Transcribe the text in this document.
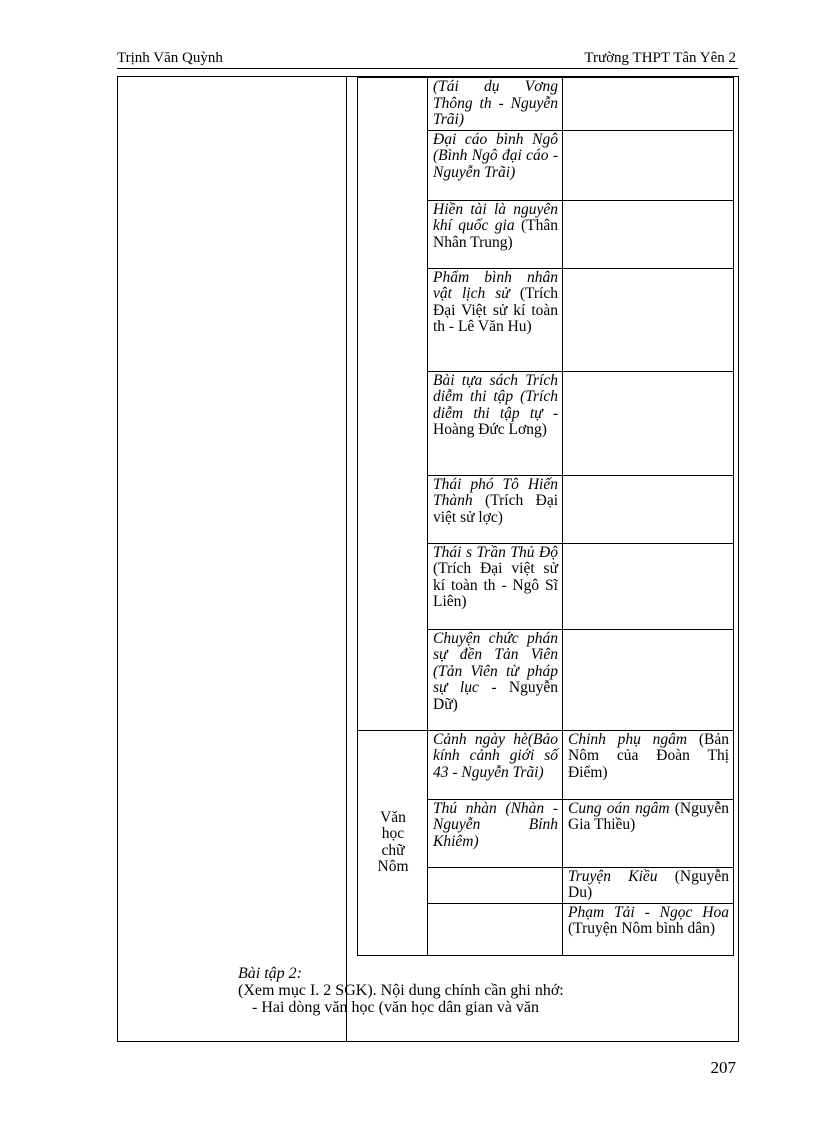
Trịnh Văn Quỳnh	Trường THPT Tân Yên 2
	(Tái dụ Vơng Thông th - Nguyễn Trãi)	
	Đại cáo bình Ngô (Bình Ngô đại cáo - Nguyễn Trãi)	
	Hiền tài là nguyên khí quốc gia (Thân Nhân Trung)	
	Phẩm bình nhân vật lịch sử (Trích Đại Việt sử kí toàn th - Lê Văn Hu)	
	Bài tựa sách Trích diễm thi tập (Trích diễm thi tập tự - Hoàng Đức Lơng)	
	Thái phó Tô Hiến Thành (Trích Đại việt sử lợc)	
	Thái s Trần Thủ Độ (Trích Đại việt sử kí toàn th - Ngô Sĩ Liên)	
	Chuyện chức phán sự đền Tản Viên (Tản Viên từ pháp sự lục - Nguyễn Dữ)	
Văn
học
chữ
Nôm	Cảnh ngày hè(Bảo kính cảnh giới số 43 - Nguyễn Trãi)	Chinh phụ ngâm (Bản Nôm của Đoàn Thị Điểm)
	Thú nhàn (Nhàn - Nguyễn Bỉnh Khiêm)	Cung oán ngâm (Nguyễn Gia Thiều)
		Truyện Kiều (Nguyễn Du)
		Phạm Tải - Ngọc Hoa (Truyện Nôm bình dân)

Bài tập 2:

(Xem mục I. 2 SGK). Nội dung chính cần ghi nhớ:

- Hai dòng văn học (văn học dân gian và văn

207
